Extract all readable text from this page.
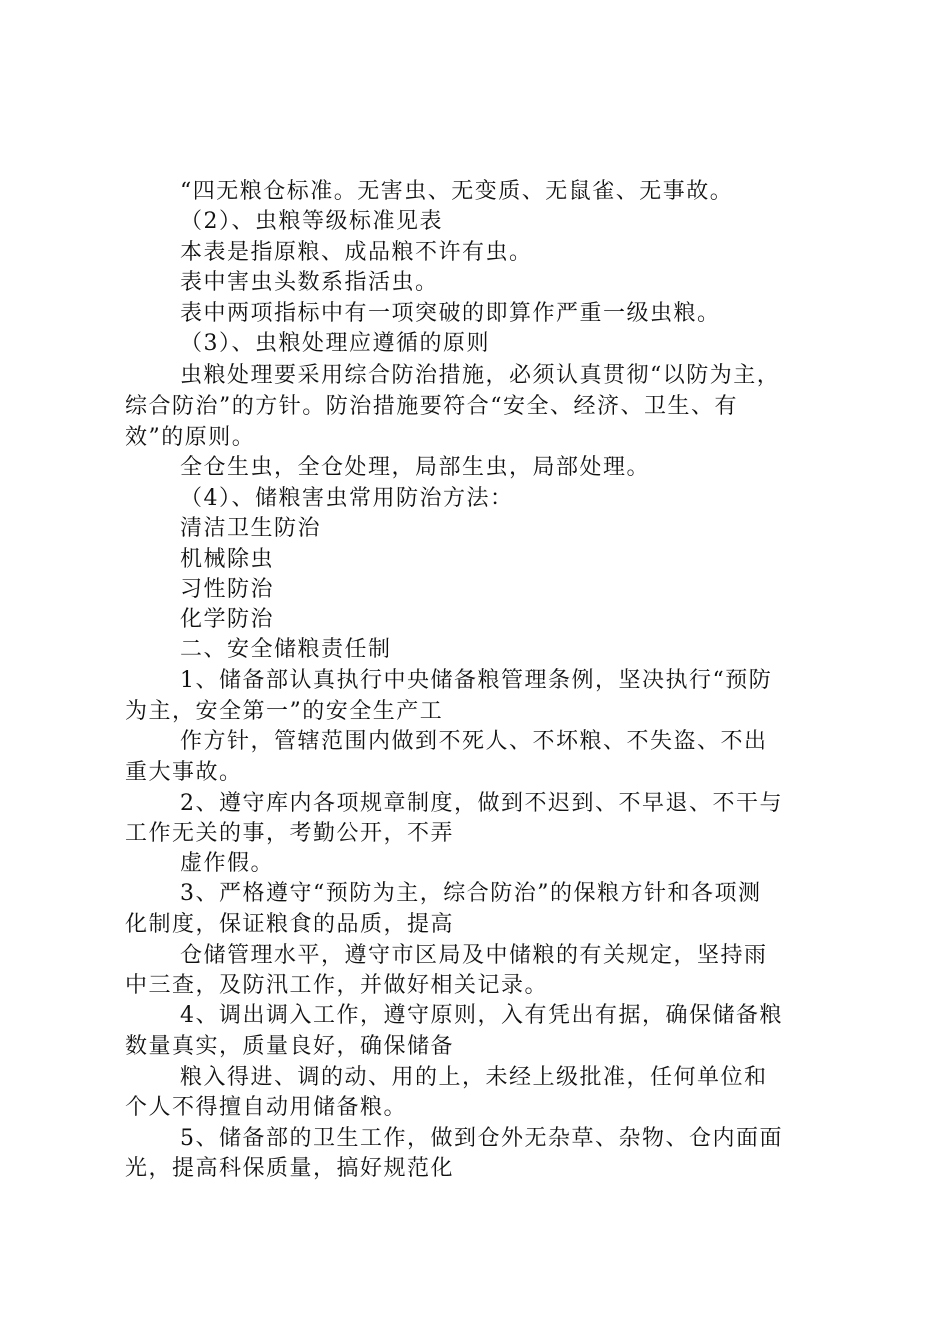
“四无粮仓标准。无害虫、无变质、无鼠雀、无事故。
（2）、虫粮等级标准见表
本表是指原粮、成品粮不许有虫。
表中害虫头数系指活虫。
表中两项指标中有一项突破的即算作严重一级虫粮。
（3）、虫粮处理应遵循的原则
虫粮处理要采用综合防治措施，必须认真贯彻“以防为主，
综合防治”的方针。防治措施要符合“安全、经济、卫生、有
效”的原则。
全仓生虫，全仓处理，局部生虫，局部处理。
（4）、储粮害虫常用防治方法：
清洁卫生防治
机械除虫
习性防治
化学防治
二、安全储粮责任制
1、储备部认真执行中央储备粮管理条例，坚决执行“预防
为主，安全第一”的安全生产工
作方针，管辖范围内做到不死人、不坏粮、不失盗、不出
重大事故。
2、遵守库内各项规章制度，做到不迟到、不早退、不干与
工作无关的事，考勤公开，不弄
虚作假。
3、严格遵守“预防为主，综合防治”的保粮方针和各项测
化制度，保证粮食的品质，提高
仓储管理水平，遵守市区局及中储粮的有关规定，坚持雨
中三查，及防汛工作，并做好相关记录。
4、调出调入工作，遵守原则，入有凭出有据，确保储备粮
数量真实，质量良好，确保储备
粮入得进、调的动、用的上，未经上级批准，任何单位和
个人不得擅自动用储备粮。
5、储备部的卫生工作，做到仓外无杂草、杂物、仓内面面
光，提高科保质量，搞好规范化
